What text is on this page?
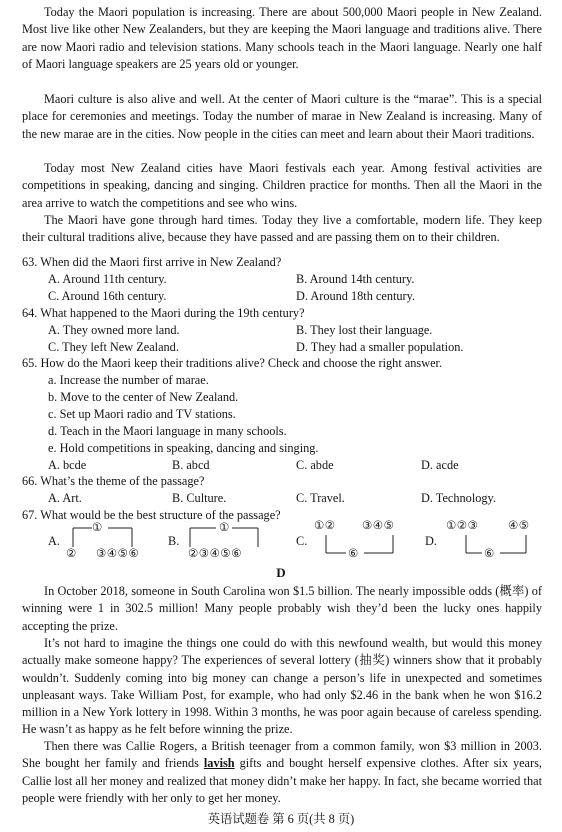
Today the Maori population is increasing. There are about 500,000 Maori people in New Zealand. Most live like other New Zealanders, but they are keeping the Maori language and traditions alive. There are now Maori radio and television stations. Many schools teach in the Maori language. Nearly one half of Maori language speakers are 25 years old or younger.

Maori culture is also alive and well. At the center of Maori culture is the “marae”. This is a special place for ceremonies and meetings. Today the number of marae in New Zealand is increasing. Many of the new marae are in the cities. Now people in the cities can meet and learn about their Maori traditions.

Today most New Zealand cities have Maori festivals each year. Among festival activities are competitions in speaking, dancing and singing. Children practice for months. Then all the Maori in the area arrive to watch the competitions and see who wins.

The Maori have gone through hard times. Today they live a comfortable, modern life. They keep their cultural traditions alive, because they have passed and are passing them on to their children.

63. When did the Maori first arrive in New Zealand?
A. Around 11th century.	B. Around 14th century.
C. Around 16th century.	D. Around 18th century.
64. What happened to the Maori during the 19th century?
A. They owned more land.	B. They lost their language.
C. They left New Zealand.	D. They had a smaller population.
65. How do the Maori keep their traditions alive? Check and choose the right answer.
a. Increase the number of marae.
b. Move to the center of New Zealand.
c. Set up Maori radio and TV stations.
d. Teach in the Maori language in many schools.
e. Hold competitions in speaking, dancing and singing.
A. bcde	B. abcd	C. abde	D. acde
66. What’s the theme of the passage?
A. Art.	B. Culture.	C. Travel.	D. Technology.
67. What would be the best structure of the passage?
A.
①
② ③④⑤⑥
B.
①
②③④⑤⑥
C.
①② ③④⑤
⑥
D.
①②③	④⑤
⑥
D

In October 2018, someone in South Carolina won $1.5 billion. The nearly impossible odds (概率) of winning were 1 in 302.5 million! Many people probably wish they’d been the lucky ones happily accepting the prize.

It’s not hard to imagine the things one could do with this newfound wealth, but would this money actually make someone happy? The experiences of several lottery (抽奖) winners show that it probably wouldn’t. Suddenly coming into big money can change a person’s life in unexpected and sometimes unpleasant ways. Take William Post, for example, who had only $2.46 in the bank when he won $16.2 million in a New York lottery in 1998. Within 3 months, he was poor again because of careless spending. He wasn’t as happy as he felt before winning the prize.

Then there was Callie Rogers, a British teenager from a common family, won $3 million in 2003. She bought her family and friends lavish gifts and bought herself expensive clothes. After six years, Callie lost all her money and realized that money didn’t make her happy. In fact, she became worried that people were friendly with her only to get her money.

英语试题卷 第 6 页(共 8 页)
